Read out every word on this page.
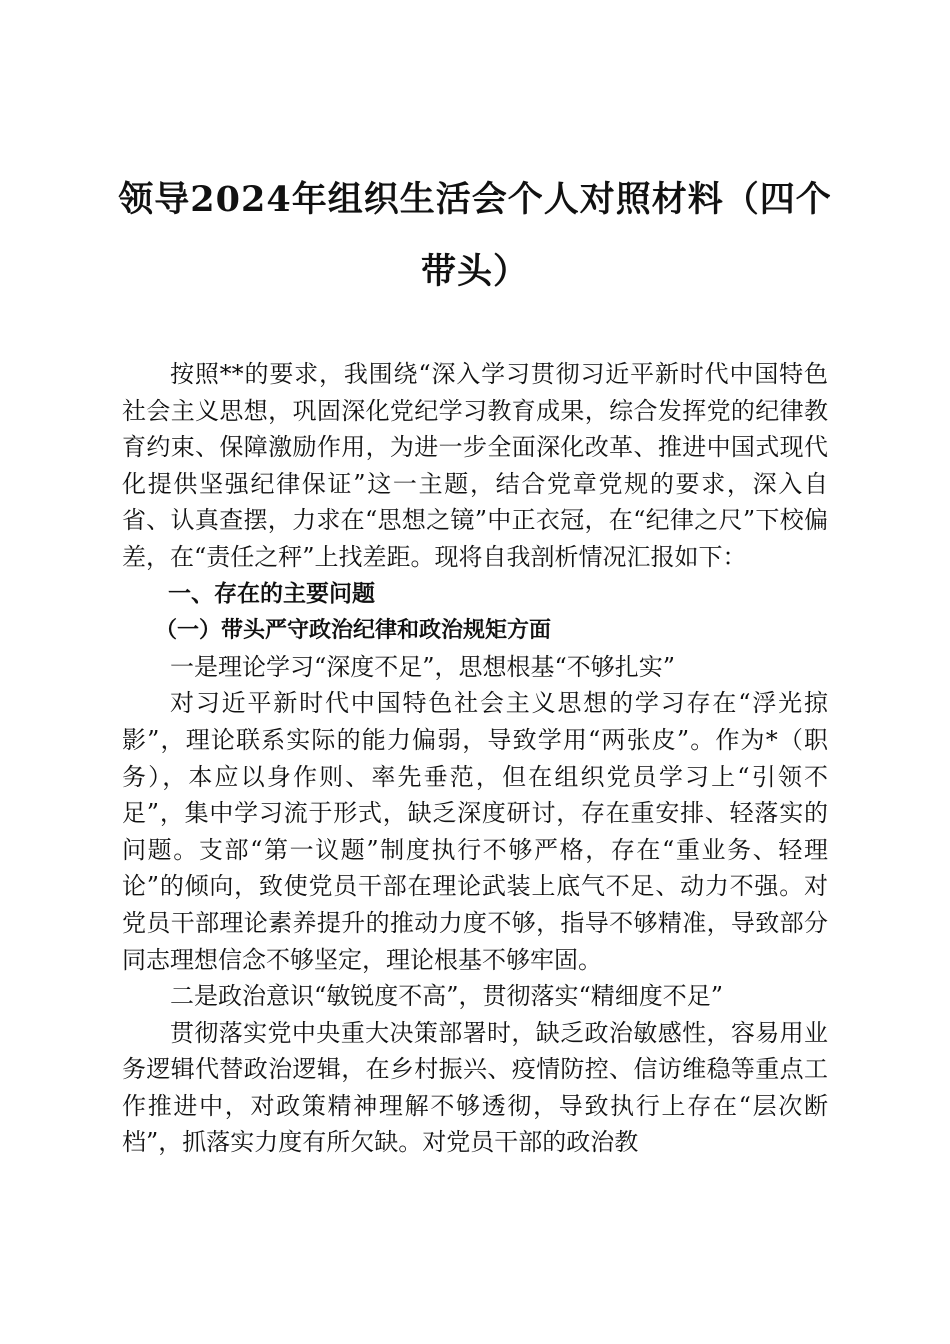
领导2024年组织生活会个人对照材料（四个
带头）

按照**的要求，我围绕“深入学习贯彻习近平新时代中国特色社会主义思想，巩固深化党纪学习教育成果，综合发挥党的纪律教育约束、保障激励作用，为进一步全面深化改革、推进中国式现代化提供坚强纪律保证”这一主题，结合党章党规的要求，深入自省、认真查摆，力求在“思想之镜”中正衣冠，在“纪律之尺”下校偏差，在“责任之秤”上找差距。现将自我剖析情况汇报如下：

一、存在的主要问题

（一）带头严守政治纪律和政治规矩方面

一是理论学习“深度不足”，思想根基“不够扎实”

对习近平新时代中国特色社会主义思想的学习存在“浮光掠影”，理论联系实际的能力偏弱，导致学用“两张皮”。作为*（职务），本应以身作则、率先垂范，但在组织党员学习上“引领不足”，集中学习流于形式，缺乏深度研讨，存在重安排、轻落实的问题。支部“第一议题”制度执行不够严格，存在“重业务、轻理论”的倾向，致使党员干部在理论武装上底气不足、动力不强。对党员干部理论素养提升的推动力度不够，指导不够精准，导致部分同志理想信念不够坚定，理论根基不够牢固。

二是政治意识“敏锐度不高”，贯彻落实“精细度不足”

贯彻落实党中央重大决策部署时，缺乏政治敏感性，容易用业务逻辑代替政治逻辑，在乡村振兴、疫情防控、信访维稳等重点工作推进中，对政策精神理解不够透彻，导致执行上存在“层次断档”，抓落实力度有所欠缺。对党员干部的政治教
